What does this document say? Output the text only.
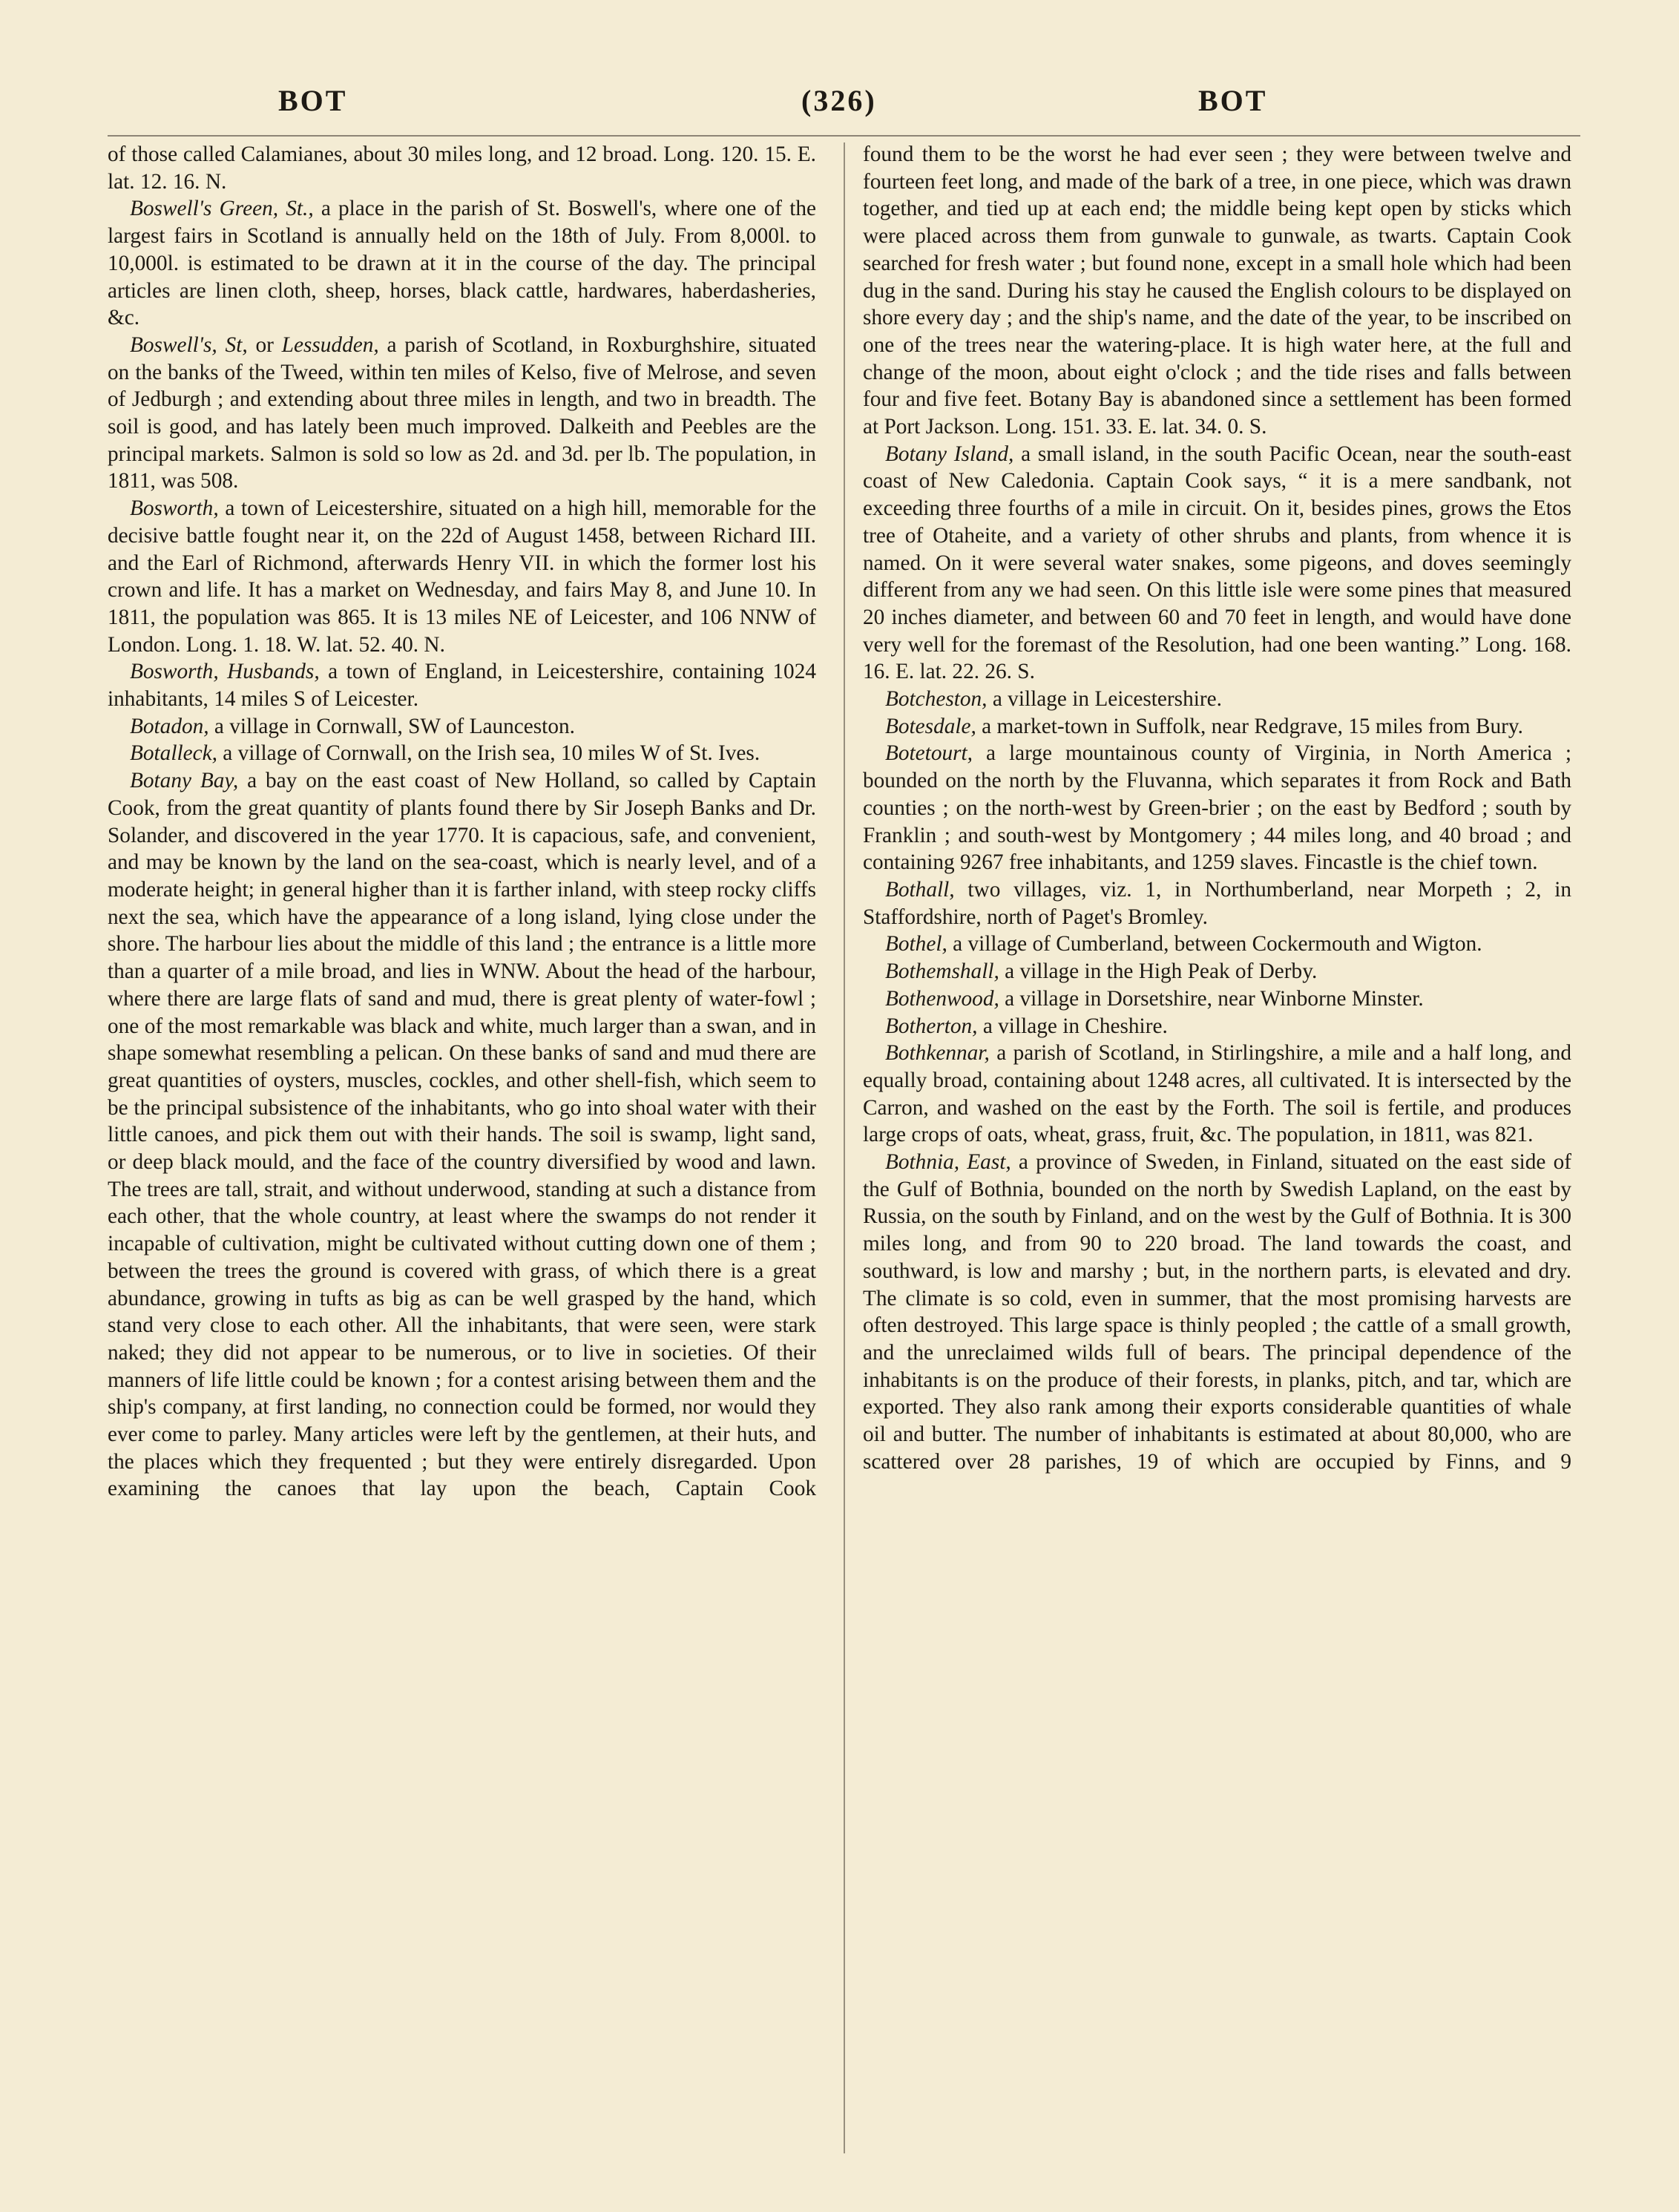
BOT	(326)	BOT

of those called Calamianes, about 30 miles long, and 12 broad. Long. 120. 15. E. lat. 12. 16. N.

Boswell's Green, St., a place in the parish of St. Boswell's, where one of the largest fairs in Scotland is annually held on the 18th of July. From 8,000l. to 10,000l. is estimated to be drawn at it in the course of the day. The principal articles are linen cloth, sheep, horses, black cattle, hardwares, haberdasheries, &c.

Boswell's, St, or Lessudden, a parish of Scotland, in Roxburghshire, situated on the banks of the Tweed, within ten miles of Kelso, five of Melrose, and seven of Jedburgh ; and extending about three miles in length, and two in breadth. The soil is good, and has lately been much improved. Dalkeith and Peebles are the principal markets. Salmon is sold so low as 2d. and 3d. per lb. The population, in 1811, was 508.

Bosworth, a town of Leicestershire, situated on a high hill, memorable for the decisive battle fought near it, on the 22d of August 1458, between Richard III. and the Earl of Richmond, afterwards Henry VII. in which the former lost his crown and life. It has a market on Wednesday, and fairs May 8, and June 10. In 1811, the population was 865. It is 13 miles NE of Leicester, and 106 NNW of London. Long. 1. 18. W. lat. 52. 40. N.

Bosworth, Husbands, a town of England, in Leicestershire, containing 1024 inhabitants, 14 miles S of Leicester.

Botadon, a village in Cornwall, SW of Launceston.

Botalleck, a village of Cornwall, on the Irish sea, 10 miles W of St. Ives.

Botany Bay, a bay on the east coast of New Holland, so called by Captain Cook, from the great quantity of plants found there by Sir Joseph Banks and Dr. Solander, and discovered in the year 1770. It is capacious, safe, and convenient, and may be known by the land on the sea-coast, which is nearly level, and of a moderate height; in general higher than it is farther inland, with steep rocky cliffs next the sea, which have the appearance of a long island, lying close under the shore. The harbour lies about the middle of this land ; the entrance is a little more than a quarter of a mile broad, and lies in WNW. About the head of the harbour, where there are large flats of sand and mud, there is great plenty of water-fowl ; one of the most remarkable was black and white, much larger than a swan, and in shape somewhat resembling a pelican. On these banks of sand and mud there are great quantities of oysters, muscles, cockles, and other shell-fish, which seem to be the principal subsistence of the inhabitants, who go into shoal water with their little canoes, and pick them out with their hands. The soil is swamp, light sand, or deep black mould, and the face of the country diversified by wood and lawn. The trees are tall, strait, and without underwood, standing at such a distance from each other, that the whole country, at least where the swamps do not render it incapable of cultivation, might be cultivated without cutting down one of them ; between the trees the ground is covered with grass, of which there is a great abundance, growing in tufts as big as can be well grasped by the hand, which stand very close to each other. All the inhabitants, that were seen, were stark naked; they did not appear to be numerous, or to live in societies. Of their manners of life little could be known ; for a contest arising between them and the ship's company, at first landing, no connection could be formed, nor would they ever come to parley. Many articles were left by the gentlemen, at their huts, and the places which they frequented ; but they were entirely disregarded. Upon examining the canoes that lay upon the beach, Captain Cook

found them to be the worst he had ever seen ; they were between twelve and fourteen feet long, and made of the bark of a tree, in one piece, which was drawn together, and tied up at each end; the middle being kept open by sticks which were placed across them from gunwale to gunwale, as twarts. Captain Cook searched for fresh water ; but found none, except in a small hole which had been dug in the sand. During his stay he caused the English colours to be displayed on shore every day ; and the ship's name, and the date of the year, to be inscribed on one of the trees near the watering-place. It is high water here, at the full and change of the moon, about eight o'clock ; and the tide rises and falls between four and five feet. Botany Bay is abandoned since a settlement has been formed at Port Jackson. Long. 151. 33. E. lat. 34. 0. S.

Botany Island, a small island, in the south Pacific Ocean, near the south-east coast of New Caledonia. Captain Cook says, “ it is a mere sandbank, not exceeding three fourths of a mile in circuit. On it, besides pines, grows the Etos tree of Otaheite, and a variety of other shrubs and plants, from whence it is named. On it were several water snakes, some pigeons, and doves seemingly different from any we had seen. On this little isle were some pines that measured 20 inches diameter, and between 60 and 70 feet in length, and would have done very well for the foremast of the Resolution, had one been wanting.” Long. 168. 16. E. lat. 22. 26. S.

Botcheston, a village in Leicestershire.

Botesdale, a market-town in Suffolk, near Redgrave, 15 miles from Bury.

Botetourt, a large mountainous county of Virginia, in North America ; bounded on the north by the Fluvanna, which separates it from Rock and Bath counties ; on the north-west by Green-brier ; on the east by Bedford ; south by Franklin ; and south-west by Montgomery ; 44 miles long, and 40 broad ; and containing 9267 free inhabitants, and 1259 slaves. Fincastle is the chief town.

Bothall, two villages, viz. 1, in Northumberland, near Morpeth ; 2, in Staffordshire, north of Paget's Bromley.

Bothel, a village of Cumberland, between Cockermouth and Wigton.

Bothemshall, a village in the High Peak of Derby.

Bothenwood, a village in Dorsetshire, near Winborne Minster.

Botherton, a village in Cheshire.

Bothkennar, a parish of Scotland, in Stirlingshire, a mile and a half long, and equally broad, containing about 1248 acres, all cultivated. It is intersected by the Carron, and washed on the east by the Forth. The soil is fertile, and produces large crops of oats, wheat, grass, fruit, &c. The population, in 1811, was 821.

Bothnia, East, a province of Sweden, in Finland, situated on the east side of the Gulf of Bothnia, bounded on the north by Swedish Lapland, on the east by Russia, on the south by Finland, and on the west by the Gulf of Bothnia. It is 300 miles long, and from 90 to 220 broad. The land towards the coast, and southward, is low and marshy ; but, in the northern parts, is elevated and dry. The climate is so cold, even in summer, that the most promising harvests are often destroyed. This large space is thinly peopled ; the cattle of a small growth, and the unreclaimed wilds full of bears. The principal dependence of the inhabitants is on the produce of their forests, in planks, pitch, and tar, which are exported. They also rank among their exports considerable quantities of whale oil and butter. The number of inhabitants is estimated at about 80,000, who are scattered over 28 parishes, 19 of which are occupied by Finns, and 9
